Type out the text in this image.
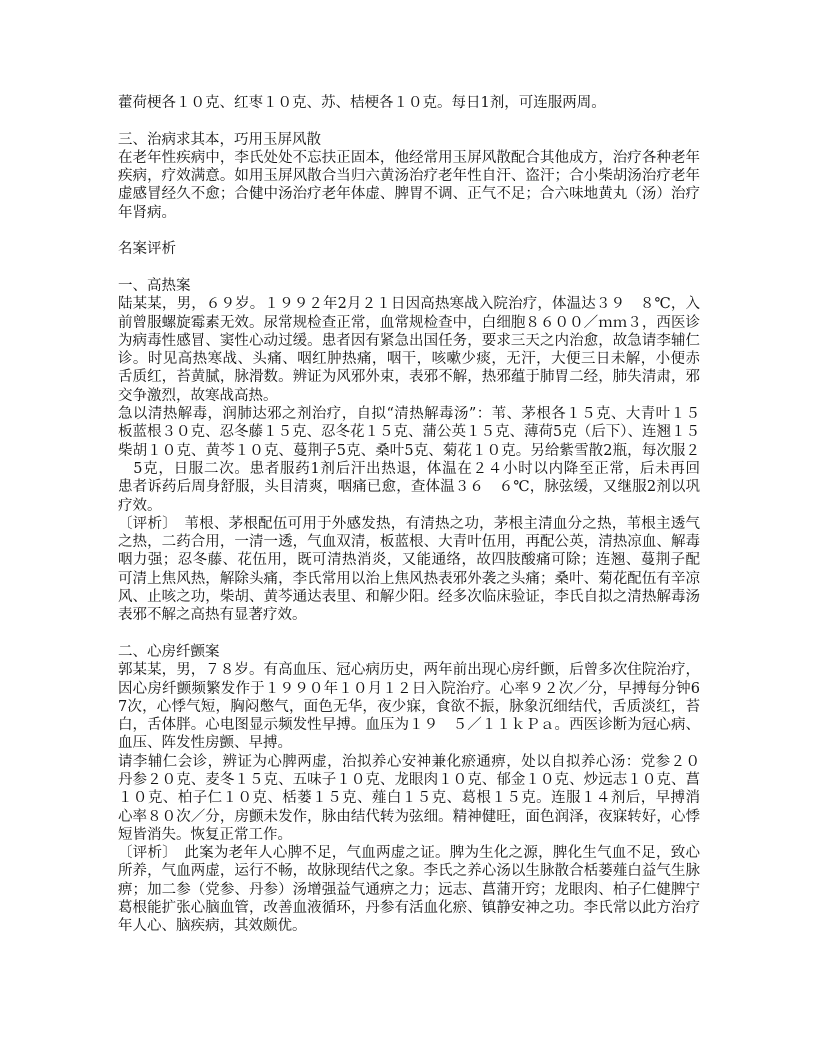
藿荷梗各１０克、红枣１０克、苏、桔梗各１０克。每日1剂，可连服两周。
三、治病求其本，巧用玉屏风散
在老年性疾病中，李氏处处不忘扶正固本，他经常用玉屏风散配合其他成方，治疗各种老年
疾病，疗效满意。如用玉屏风散合当归六黄汤治疗老年性自汗、盗汗；合小柴胡汤治疗老年
虚感冒经久不愈；合健中汤治疗老年体虚、脾胃不调、正气不足；合六味地黄丸（汤）治疗
年肾病。
名案评析
一、高热案
陆某某，男，６９岁。１９９２年2月２１日因高热寒战入院治疗，体温达３９　８℃，入
前曾服螺旋霉素无效。尿常规检查正常，血常规检查中，白细胞８６００／ｍｍ３，西医诊
为病毒性感冒、窦性心动过缓。患者因有紧急出国任务，要求三天之内治愈，故急请李辅仁
诊。时见高热寒战、头痛、咽红肿热痛，咽干，咳嗽少痰，无汗，大便三日未解，小便赤
舌质红，苔黄腻，脉滑数。辨证为风邪外束，表邪不解，热邪蕴于肺胃二经，肺失清肃，邪
交争激烈，故寒战高热。
急以清热解毒，润肺达邪之剂治疗，自拟“清热解毒汤”：苇、茅根各１５克、大青叶１５
板蓝根３０克、忍冬藤１５克、忍冬花１５克、蒲公英１５克、薄荷5克（后下）、连翘１５
柴胡１０克、黄芩１０克、蔓荆子5克、桑叶5克、菊花１０克。另给紫雪散2瓶，每次服２
　5克，日服二次。患者服药1剂后汗出热退，体温在２４小时以内降至正常，后未再回
患者诉药后周身舒服，头目清爽，咽痛已愈，查体温３６　６℃，脉弦缓，又继服2剂以巩
疗效。
〔评析〕　苇根、茅根配伍可用于外感发热，有清热之功，茅根主清血分之热，苇根主透气
之热，二药合用，一清一透，气血双清，板蓝根、大青叶伍用，再配公英，清热凉血、解毒
咽力强；忍冬藤、花伍用，既可清热消炎，又能通络，故四肢酸痛可除；连翘、蔓荆子配
可清上焦风热，解除头痛，李氏常用以治上焦风热表邪外袭之头痛；桑叶、菊花配伍有辛凉
风、止咳之功，柴胡、黄芩通达表里、和解少阳。经多次临床验证，李氏自拟之清热解毒汤
表邪不解之高热有显著疗效。
二、心房纤颤案
郭某某，男，７８岁。有高血压、冠心病历史，两年前出现心房纤颤，后曾多次住院治疗，
因心房纤颤频繁发作于１９９０年１０月１２日入院治疗。心率９２次／分，早搏每分钟6
7次，心悸气短，胸闷憋气，面色无华，夜少寐，食欲不振，脉象沉细结代，舌质淡红，苔
白，舌体胖。心电图显示频发性早搏。血压为１９　５／１１ｋＰａ。西医诊断为冠心病、
血压、阵发性房颤、早搏。
请李辅仁会诊，辨证为心脾两虚，治拟养心安神兼化瘀通痹，处以自拟养心汤：党参２０
丹参２０克、麦冬１５克、五味子１０克、龙眼肉１０克、郁金１０克、炒远志１０克、菖
１０克、柏子仁１０克、栝蒌１５克、薤白１５克、葛根１５克。连服１４剂后，早搏消
心率８０次／分，房颤未发作，脉由结代转为弦细。精神健旺，面色润泽，夜寐转好，心悸
短皆消失。恢复正常工作。
〔评析〕　此案为老年人心脾不足，气血两虚之证。脾为生化之源，脾化生气血不足，致心
所养，气血两虚，运行不畅，故脉现结代之象。李氏之养心汤以生脉散合栝蒌薤白益气生脉
痹；加二参（党参、丹参）汤增强益气通痹之力；远志、菖蒲开窍；龙眼肉、柏子仁健脾宁
葛根能扩张心脑血管，改善血液循环，丹参有活血化瘀、镇静安神之功。李氏常以此方治疗
年人心、脑疾病，其效颇优。
